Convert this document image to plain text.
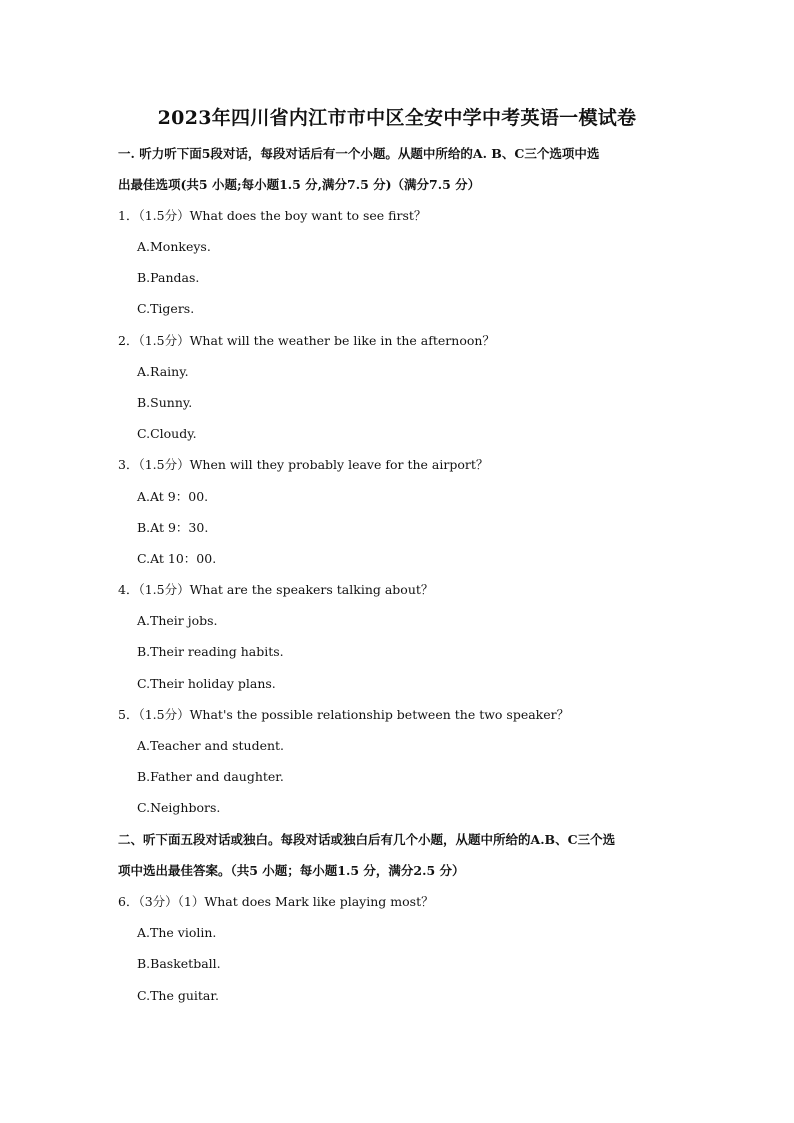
2023年四川省内江市市中区全安中学中考英语一模试卷
一. 听力听下面5段对话，每段对话后有一个小题。从题中所给的A. B、C三个选项中选
出最佳选项(共5 小题;每小题1.5 分,满分7.5 分)（满分7.5 分）
1．（1.5分）What does the boy want to see first？
A.Monkeys.
B.Pandas.
C.Tigers.
2．（1.5分）What will the weather be like in the afternoon？
A.Rainy.
B.Sunny.
C.Cloudy.
3．（1.5分）When will they probably leave for the airport？
A.At 9：00.
B.At 9：30.
C.At 10：00.
4．（1.5分）What are the speakers talking about？
A.Their jobs.
B.Their reading habits.
C.Their holiday plans.
5．（1.5分）What's the possible relationship between the two speaker？
A.Teacher and student.
B.Father and daughter.
C.Neighbors.
二、听下面五段对话或独白。每段对话或独白后有几个小题，从题中所给的A.B、C三个选
项中选出最佳答案。（共5 小题；每小题1.5 分，满分2.5 分）
6．（3分）（1）What does Mark like playing most？
A.The violin.
B.Basketball.
C.The guitar.
